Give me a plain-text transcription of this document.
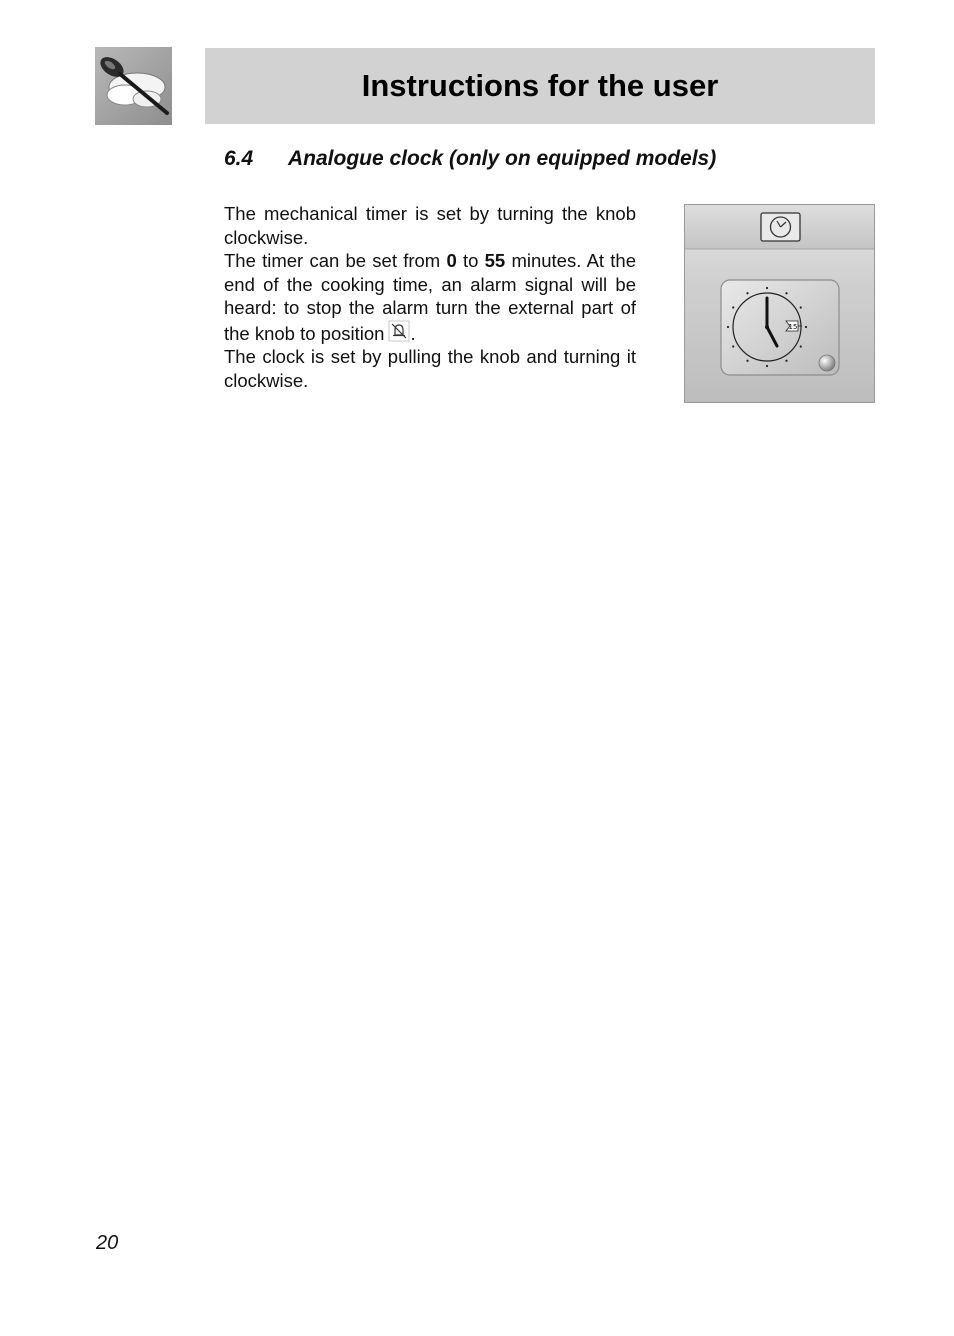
Instructions for the user
6.4 Analogue clock (only on equipped models)

The mechanical timer is set by turning the knob clockwise.

The timer can be set from 0 to 55 minutes. At the end of the cooking time, an alarm signal will be heard: to stop the alarm turn the external part of the knob to position .

The clock is set by pulling the knob and turning it clockwise.

15
20
